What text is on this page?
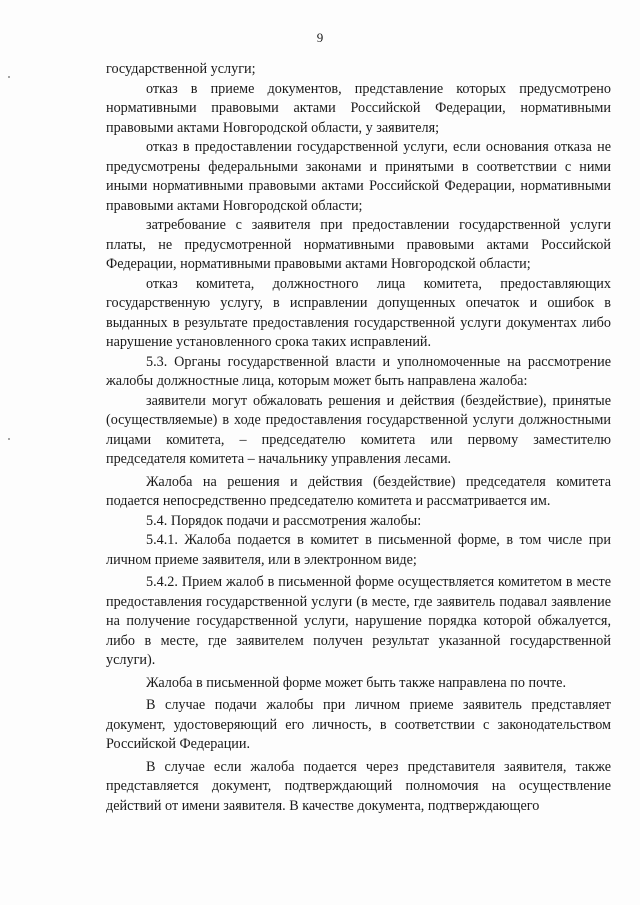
9

государственной услуги;

отказ в приеме документов, представление которых предусмотрено нормативными правовыми актами Российской Федерации, нормативными правовыми актами Новгородской области, у заявителя;

отказ в предоставлении государственной услуги, если основания отказа не предусмотрены федеральными законами и принятыми в соответствии с ними иными нормативными правовыми актами Российской Федерации, нормативными правовыми актами Новгородской области;

затребование с заявителя при предоставлении государственной услуги платы, не предусмотренной нормативными правовыми актами Российской Федерации, нормативными правовыми актами Новгородской области;

отказ комитета, должностного лица комитета, предоставляющих государственную услугу, в исправлении допущенных опечаток и ошибок в выданных в результате предоставления государственной услуги документах либо нарушение установленного срока таких исправлений.

5.3. Органы государственной власти и уполномоченные на рассмотрение жалобы должностные лица, которым может быть направлена жалоба:

заявители могут обжаловать решения и действия (бездействие), принятые (осуществляемые) в ходе предоставления государственной услуги должностными лицами комитета, – председателю комитета или первому заместителю председателя комитета – начальнику управления лесами.

Жалоба на решения и действия (бездействие) председателя комитета подается непосредственно председателю комитета и рассматривается им.

5.4. Порядок подачи и рассмотрения жалобы:

5.4.1. Жалоба подается в комитет в письменной форме, в том числе при личном приеме заявителя, или в электронном виде;

5.4.2. Прием жалоб в письменной форме осуществляется комитетом в месте предоставления государственной услуги (в месте, где заявитель подавал заявление на получение государственной услуги, нарушение порядка которой обжалуется, либо в месте, где заявителем получен результат указанной государственной услуги).

Жалоба в письменной форме может быть также направлена по почте.

В случае подачи жалобы при личном приеме заявитель представляет документ, удостоверяющий его личность, в соответствии с законодательством Российской Федерации.

В случае если жалоба подается через представителя заявителя, также представляется документ, подтверждающий полномочия на осуществление действий от имени заявителя. В качестве документа, подтверждающего
